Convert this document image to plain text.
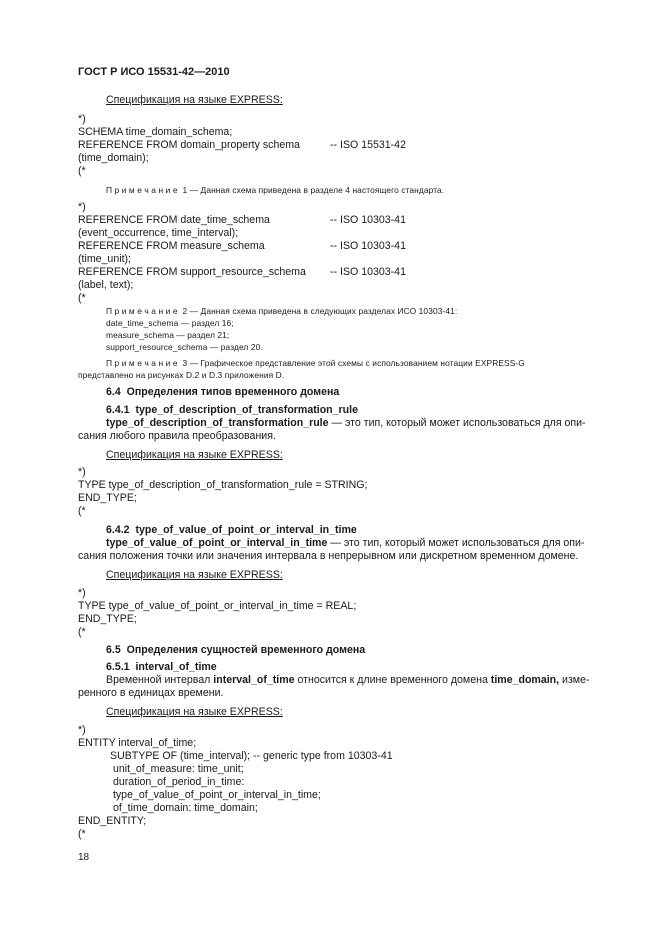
ГОСТ Р ИСО 15531-42—2010
Спецификация на языке EXPRESS:
*)
SCHEMA time_domain_schema;
REFERENCE FROM domain_property schema	-- ISO 15531-42
(time_domain);
(*
П р и м е ч а н и е  1 — Данная схема приведена в разделе 4 настоящего стандарта.
*)
REFERENCE FROM date_time_schema	-- ISO 10303-41
(event_occurrence, time_interval);
REFERENCE FROM measure_schema	-- ISO 10303-41
(time_unit);
REFERENCE FROM support_resource_schema -- ISO 10303-41
(label, text);
(*
П р и м е ч а н и е  2 — Данная схема приведена в следующих разделах ИСО 10303-41:
date_time_schema — раздел 16;
measure_schema — раздел 21;
support_resource_schema — раздел 20.
П р и м е ч а н и е  3 — Графическое представление этой схемы с использованием нотации EXPRESS-G
представлено на рисунках D.2 и D.3 приложения D.
6.4  Определения типов временного домена
6.4.1  type_of_description_of_transformation_rule
type_of_description_of_transformation_rule — это тип, который может использоваться для опи-
сания любого правила преобразования.
Спецификация на языке EXPRESS:
*)
TYPE type_of_description_of_transformation_rule = STRING;
END_TYPE;
(*
6.4.2  type_of_value_of_point_or_interval_in_time
type_of_value_of_point_or_interval_in_time — это тип, который может использоваться для опи-
сания положения точки или значения интервала в непрерывном или дискретном временном домене.
Спецификация на языке EXPRESS:
*)
TYPE type_of_value_of_point_or_interval_in_time = REAL;
END_TYPE;
(*
6.5  Определения сущностей временного домена
6.5.1  interval_of_time
Временной интервал interval_of_time относится к длине временного домена time_domain, изме-
ренного в единицах времени.
Спецификация на языке EXPRESS:
*)
ENTITY interval_of_time;
SUBTYPE OF (time_interval); -- generic type from 10303-41
unit_of_measure: time_unit;
duration_of_period_in_time:
type_of_value_of_point_or_interval_in_time;
of_time_domain: time_domain;
END_ENTITY;
(*
18
